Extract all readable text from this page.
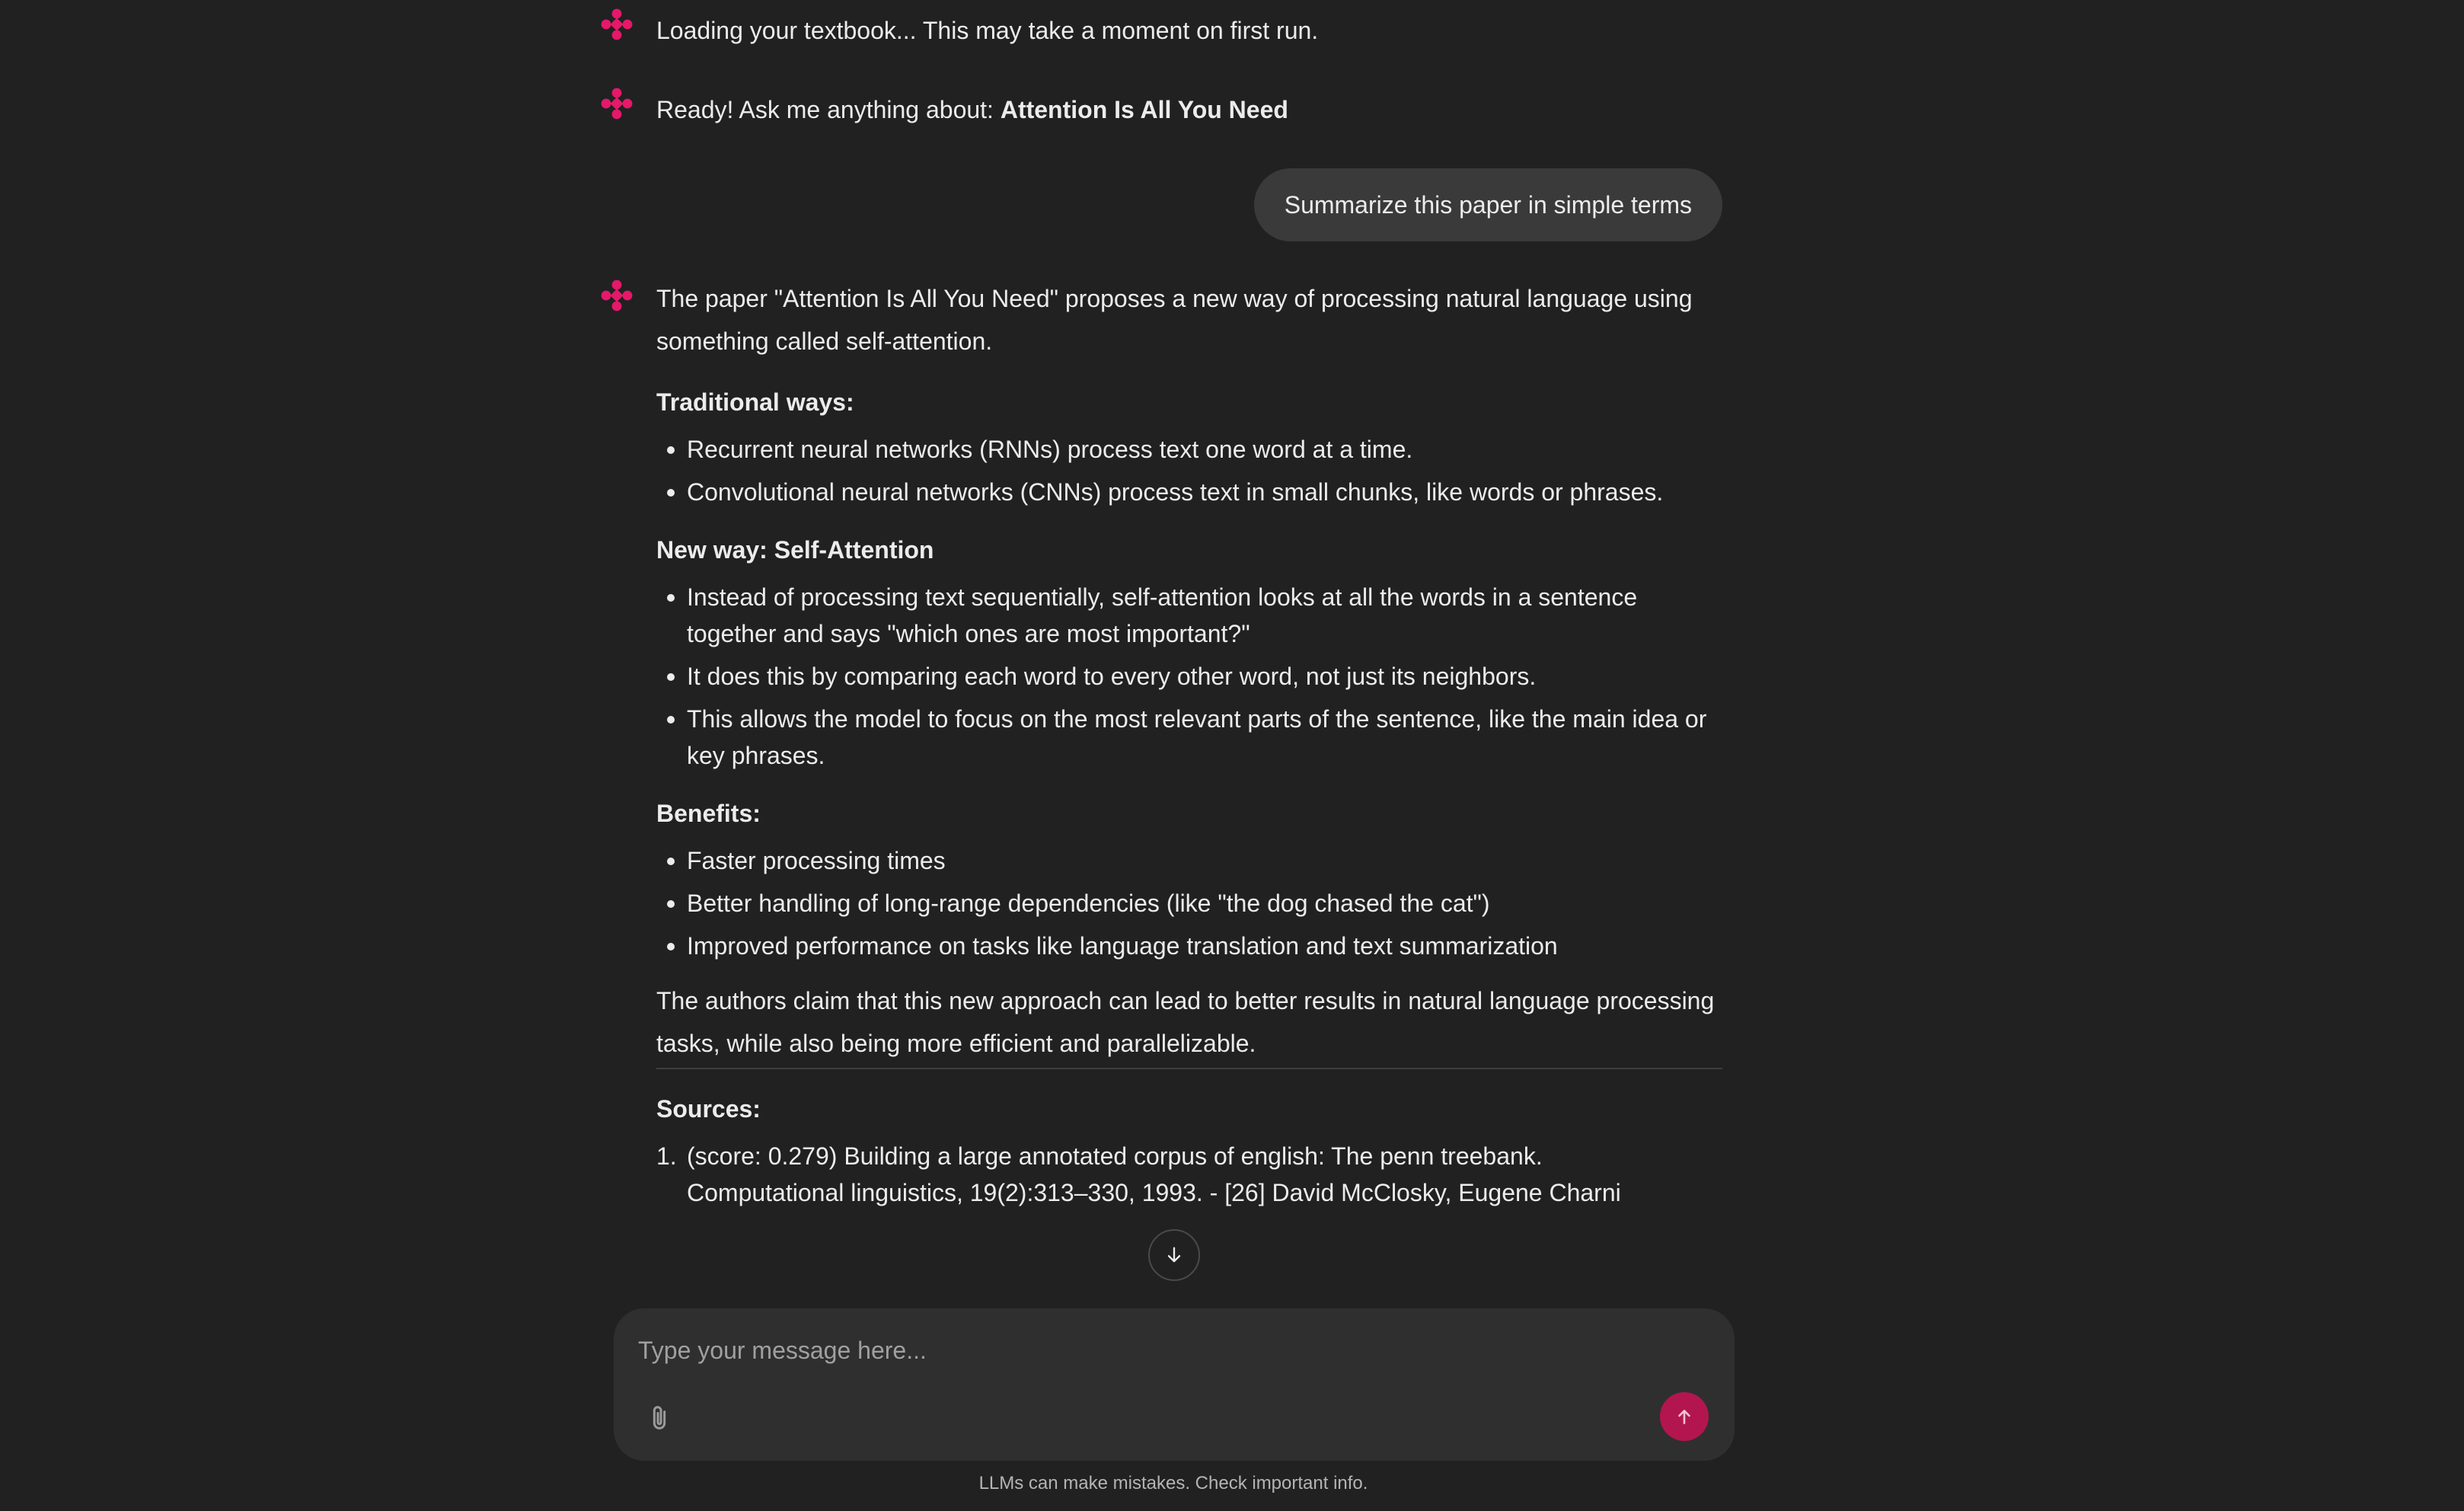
Loading your textbook... This may take a moment on first run.
Ready! Ask me anything about: Attention Is All You Need
Summarize this paper in simple terms

The paper "Attention Is All You Need" proposes a new way of processing natural language using something called self-attention.

Traditional ways:
Recurrent neural networks (RNNs) process text one word at a time.
Convolutional neural networks (CNNs) process text in small chunks, like words or phrases.
New way: Self-Attention
Instead of processing text sequentially, self-attention looks at all the words in a sentence together and says "which ones are most important?"
It does this by comparing each word to every other word, not just its neighbors.
This allows the model to focus on the most relevant parts of the sentence, like the main idea or key phrases.
Benefits:
Faster processing times
Better handling of long-range dependencies (like "the dog chased the cat")
Improved performance on tasks like language translation and text summarization

The authors claim that this new approach can lead to better results in natural language processing tasks, while also being more efficient and parallelizable.

Sources:
1. (score: 0.279) Building a large annotated corpus of english: The penn treebank.
Computational linguistics, 19(2):313–330, 1993. - [26] David McClosky, Eugene Charni
Type your message here...
LLMs can make mistakes. Check important info.
